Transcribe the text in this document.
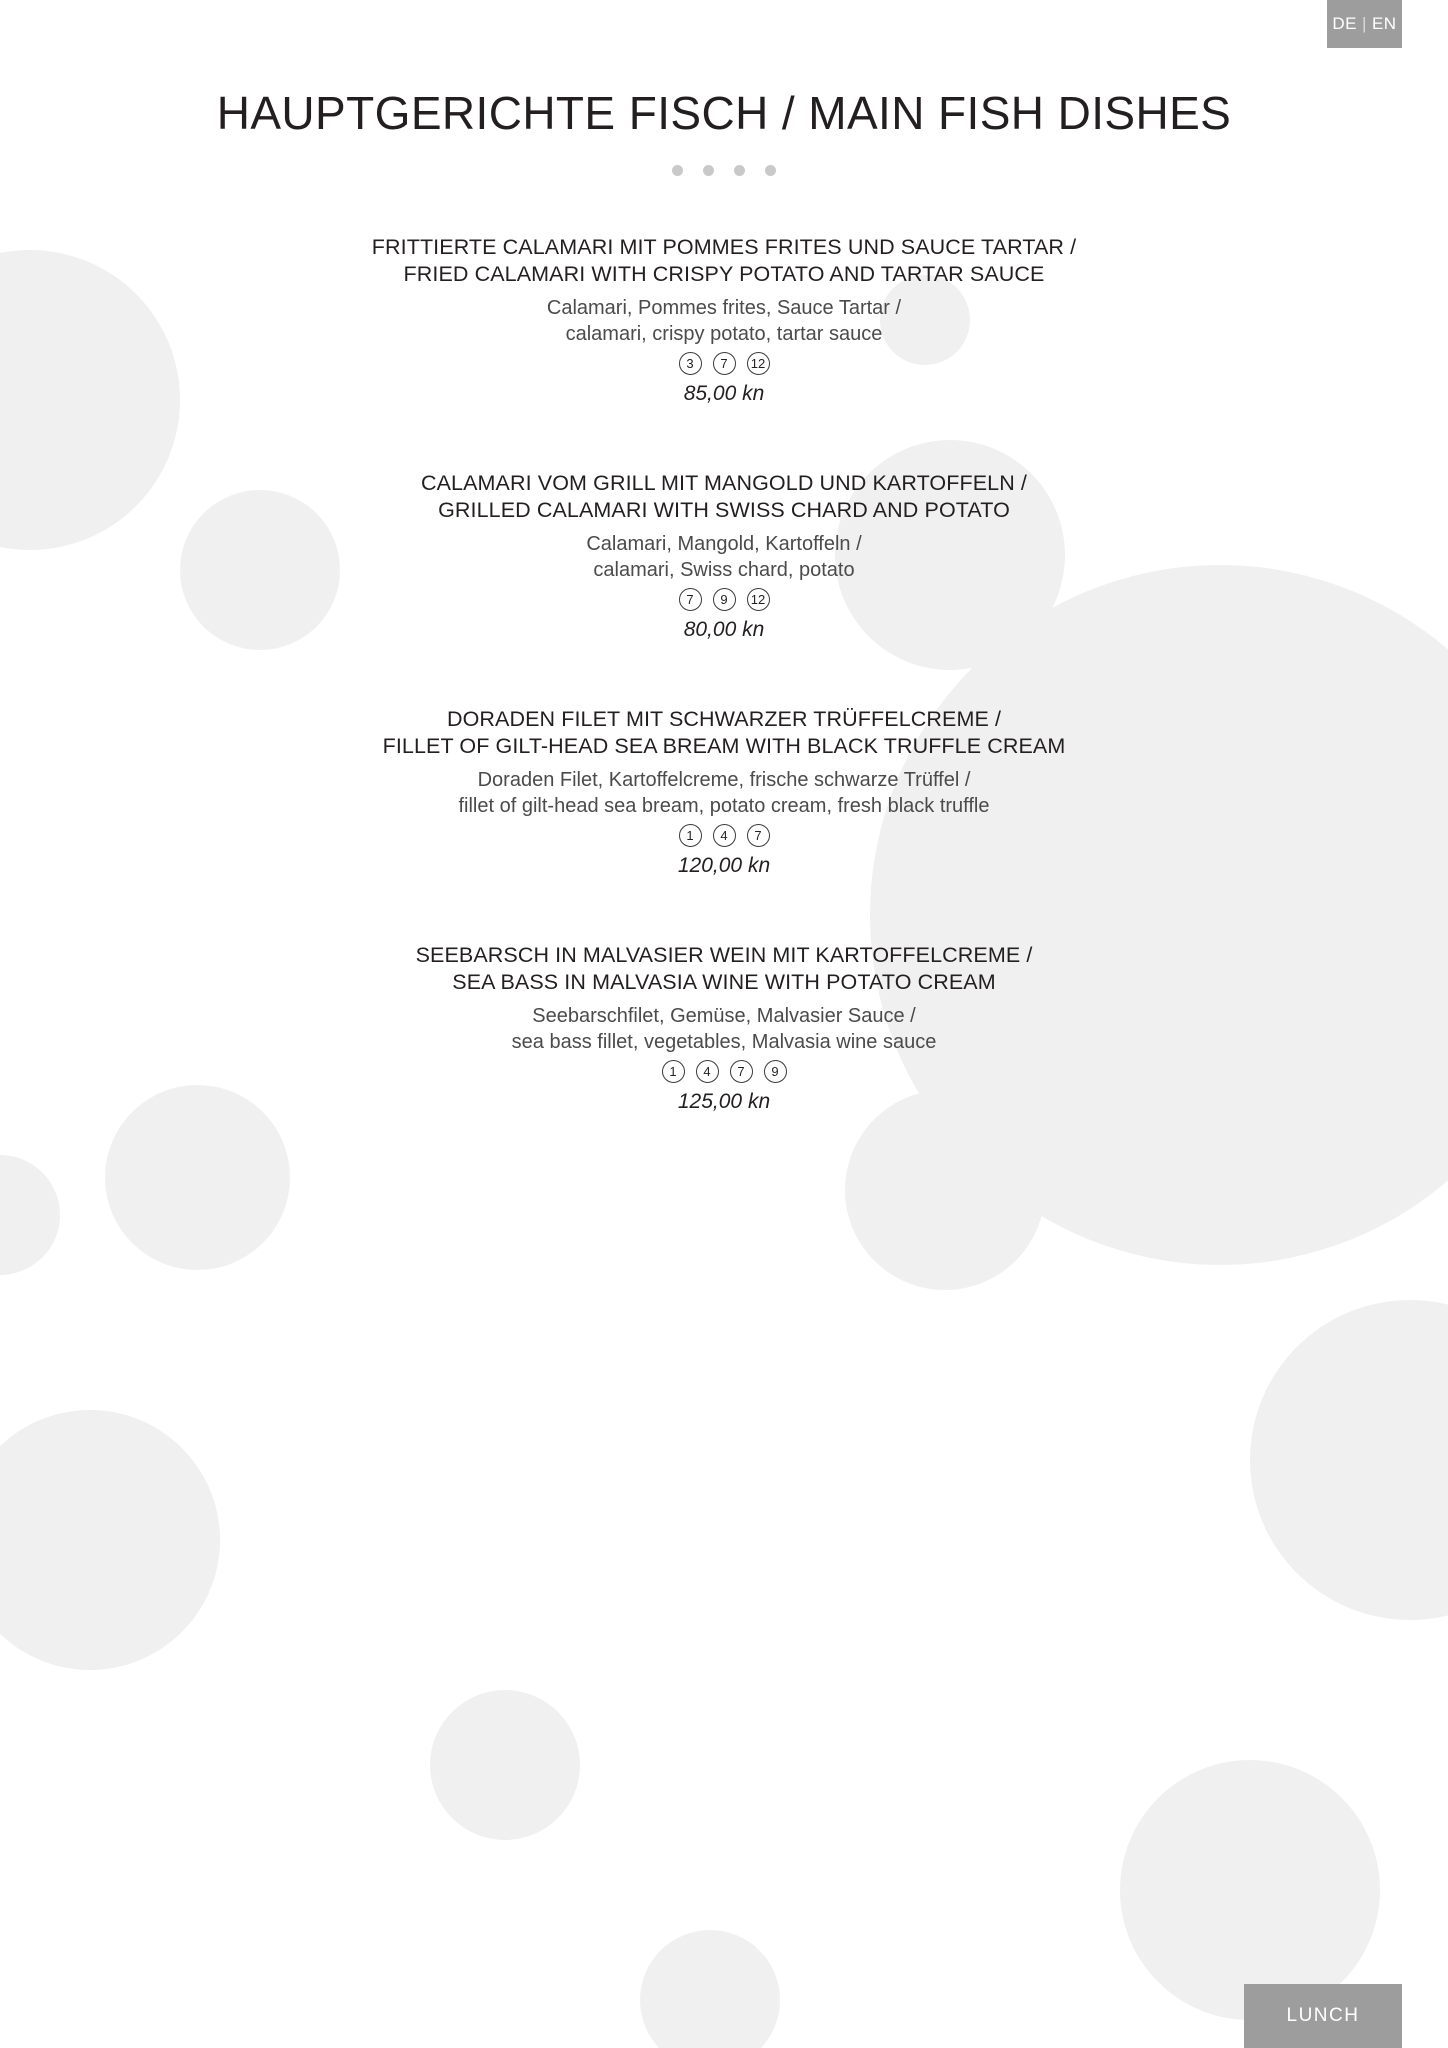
DE | EN
HAUPTGERICHTE FISCH / MAIN FISH DISHES
FRITTIERTE CALAMARI MIT POMMES FRITES UND SAUCE TARTAR /
FRIED CALAMARI WITH CRISPY POTATO AND TARTAR SAUCE
Calamari, Pommes frites, Sauce Tartar /
calamari, crispy potato, tartar sauce
3	7	12
85,00 kn
CALAMARI VOM GRILL MIT MANGOLD UND KARTOFFELN /
GRILLED CALAMARI WITH SWISS CHARD AND POTATO
Calamari, Mangold, Kartoffeln /
calamari, Swiss chard, potato
7	9	12
80,00 kn
DORADEN FILET MIT SCHWARZER TRÜFFELCREME /
FILLET OF GILT-HEAD SEA BREAM WITH BLACK TRUFFLE CREAM
Doraden Filet, Kartoffelcreme, frische schwarze Trüffel /
fillet of gilt-head sea bream, potato cream, fresh black truffle
1	4	7
120,00 kn
SEEBARSCH IN MALVASIER WEIN MIT KARTOFFELCREME /
SEA BASS IN MALVASIA WINE WITH POTATO CREAM
Seebarschfilet, Gemüse, Malvasier Sauce /
sea bass fillet, vegetables, Malvasia wine sauce
1	4	7	9
125,00 kn
LUNCH
